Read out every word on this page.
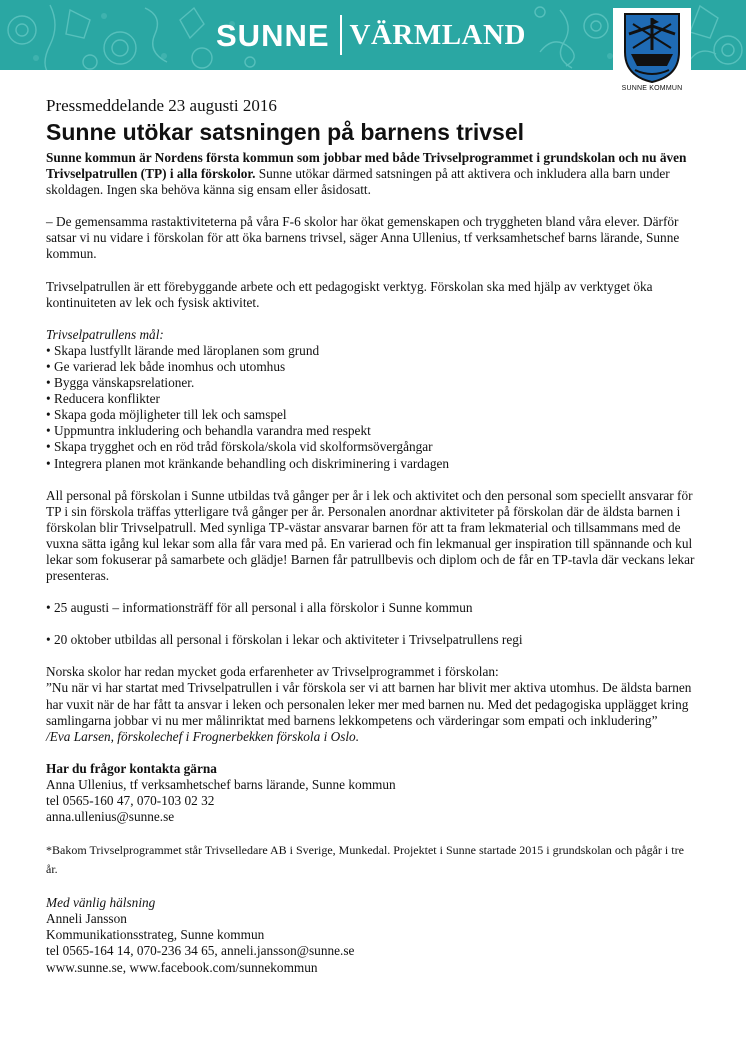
SUNNE VÄRMLAND
SUNNE KOMMUN

Pressmeddelande 23 augusti 2016

Sunne utökar satsningen på barnens trivsel

Sunne kommun är Nordens första kommun som jobbar med både Trivselprogrammet i grundskolan och nu även Trivselpatrullen (TP) i alla förskolor. Sunne utökar därmed satsningen på att aktivera och inkludera alla barn under skoldagen. Ingen ska behöva känna sig ensam eller åsidosatt.

– De gemensamma rastaktiviteterna på våra F-6 skolor har ökat gemenskapen och tryggheten bland våra elever. Därför satsar vi nu vidare i förskolan för att öka barnens trivsel, säger Anna Ullenius, tf verksamhetschef barns lärande, Sunne kommun.

Trivselpatrullen är ett förebyggande arbete och ett pedagogiskt verktyg. Förskolan ska med hjälp av verktyget öka kontinuiteten av lek och fysisk aktivitet.

Trivselpatrullens mål:

• Skapa lustfyllt lärande med läroplanen som grund
• Ge varierad lek både inomhus och utomhus
• Bygga vänskapsrelationer.
• Reducera konflikter
• Skapa goda möjligheter till lek och samspel
• Uppmuntra inkludering och behandla varandra med respekt
• Skapa trygghet och en röd tråd förskola/skola vid skolformsövergångar
• Integrera planen mot kränkande behandling och diskriminering i vardagen

All personal på förskolan i Sunne utbildas två gånger per år i lek och aktivitet och den personal som speciellt ansvarar för TP i sin förskola träffas ytterligare två gånger per år. Personalen anordnar aktiviteter på förskolan där de äldsta barnen i förskolan blir Trivselpatrull. Med synliga TP-västar ansvarar barnen för att ta fram lekmaterial och tillsammans med de vuxna sätta igång kul lekar som alla får vara med på. En varierad och fin lekmanual ger inspiration till spännande och kul lekar som fokuserar på samarbete och glädje! Barnen får patrullbevis och diplom och de får en TP-tavla där veckans lekar presenteras.

• 25 augusti – informationsträff för all personal i alla förskolor i Sunne kommun

• 20 oktober utbildas all personal i förskolan i lekar och aktiviteter i Trivselpatrullens regi

Norska skolor har redan mycket goda erfarenheter av Trivselprogrammet i förskolan:

”Nu när vi har startat med Trivselpatrullen i vår förskola ser vi att barnen har blivit mer aktiva utomhus. De äldsta barnen har vuxit när de har fått ta ansvar i leken och personalen leker mer med barnen nu. Med det pedagogiska upplägget kring samlingarna jobbar vi nu mer målinriktat med barnens lekkompetens och värderingar som empati och inkludering”

/Eva Larsen, förskolechef i Frognerbekken förskola i Oslo.

Har du frågor kontakta gärna

Anna Ullenius, tf verksamhetschef barns lärande, Sunne kommun

tel 0565-160 47, 070-103 02 32

anna.ullenius@sunne.se

*Bakom Trivselprogrammet står Trivselledare AB i Sverige, Munkedal. Projektet i Sunne startade 2015 i grundskolan och pågår i tre år.

Med vänlig hälsning

Anneli Jansson

Kommunikationsstrateg, Sunne kommun

tel 0565-164 14, 070-236 34 65, anneli.jansson@sunne.se

www.sunne.se, www.facebook.com/sunnekommun
